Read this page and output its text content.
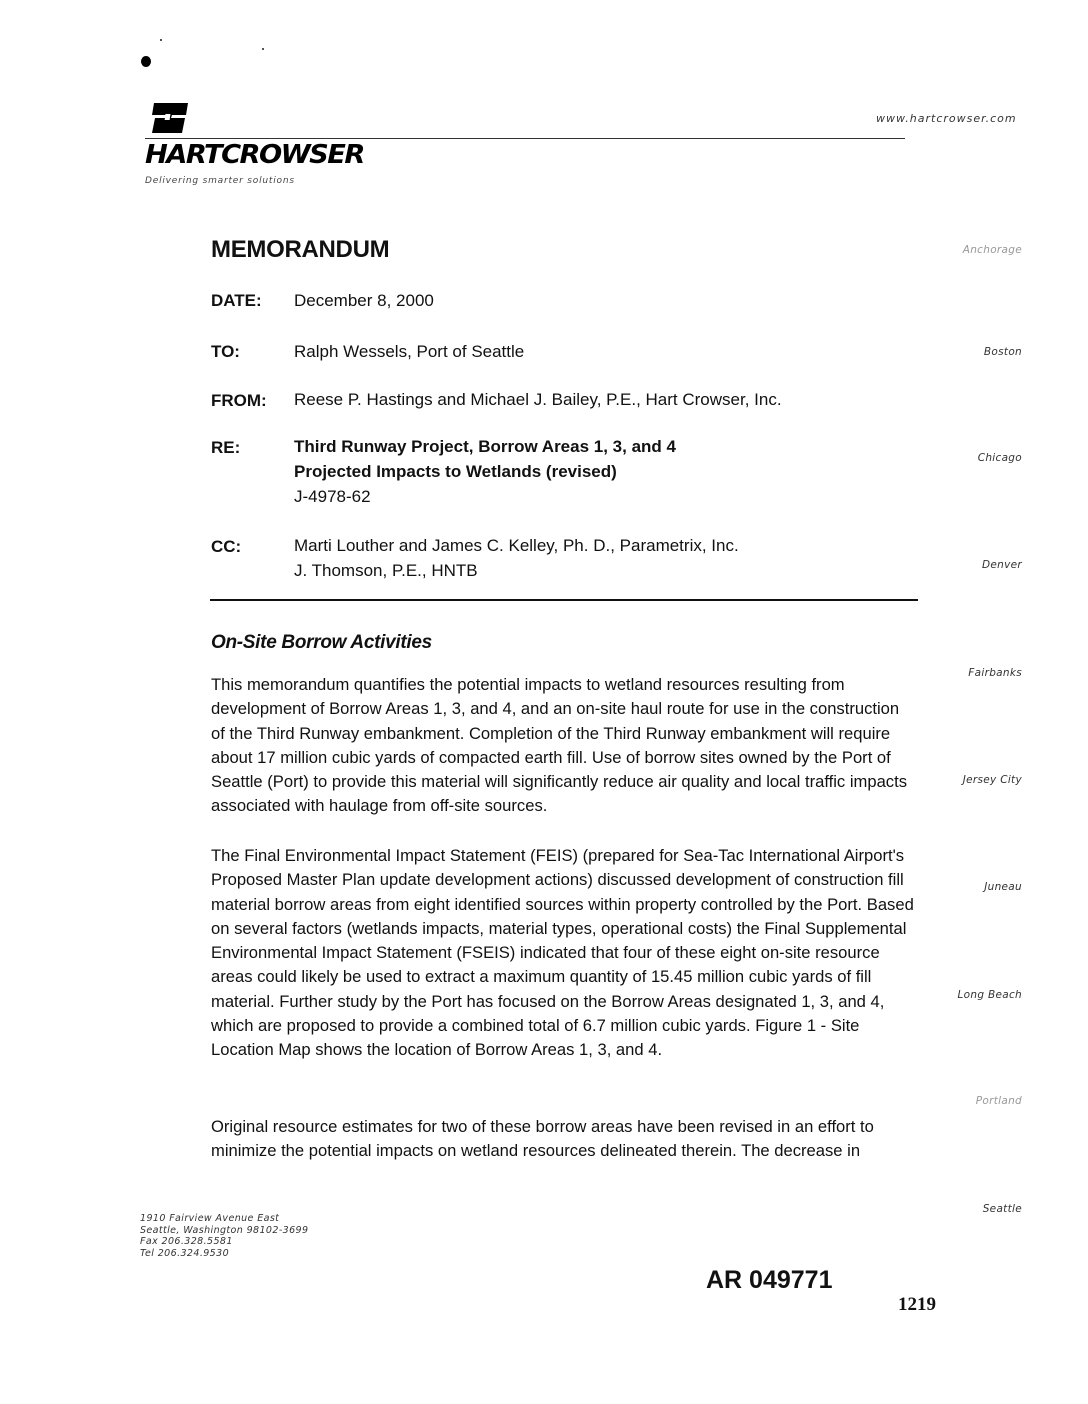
www.hartcrowser.com
HARTCROWSER
Delivering smarter solutions
MEMORANDUM
DATE: December 8, 2000
TO:	Ralph Wessels, Port of Seattle
FROM: Reese P. Hastings and Michael J. Bailey, P.E., Hart Crowser, Inc.
RE:	Third Runway Project, Borrow Areas 1, 3, and 4
Projected Impacts to Wetlands (revised)
J-4978-62
CC:	Marti Louther and James C. Kelley, Ph. D., Parametrix, Inc.
J. Thomson, P.E., HNTB
On-Site Borrow Activities
This memorandum quantifies the potential impacts to wetland resources resulting from development of Borrow Areas 1, 3, and 4, and an on-site haul route for use in the construction of the Third Runway embankment. Completion of the Third Runway embankment will require about 17 million cubic yards of compacted earth fill. Use of borrow sites owned by the Port of Seattle (Port) to provide this material will significantly reduce air quality and local traffic impacts associated with haulage from off-site sources.
The Final Environmental Impact Statement (FEIS) (prepared for Sea-Tac International Airport's Proposed Master Plan update development actions) discussed development of construction fill material borrow areas from eight identified sources within property controlled by the Port. Based on several factors (wetlands impacts, material types, operational costs) the Final Supplemental Environmental Impact Statement (FSEIS) indicated that four of these eight on-site resource areas could likely be used to extract a maximum quantity of 15.45 million cubic yards of fill material. Further study by the Port has focused on the Borrow Areas designated 1, 3, and 4, which are proposed to provide a combined total of 6.7 million cubic yards. Figure 1 - Site Location Map shows the location of Borrow Areas 1, 3, and 4.
Original resource estimates for two of these borrow areas have been revised in an effort to minimize the potential impacts on wetland resources delineated therein. The decrease in
Anchorage
Boston
Chicago
Denver
Fairbanks
Jersey City
Juneau
Long Beach
Portland
Seattle
1910 Fairview Avenue East
Seattle, Washington 98102-3699
Fax 206.328.5581
Tel 206.324.9530
AR 049771
1219
